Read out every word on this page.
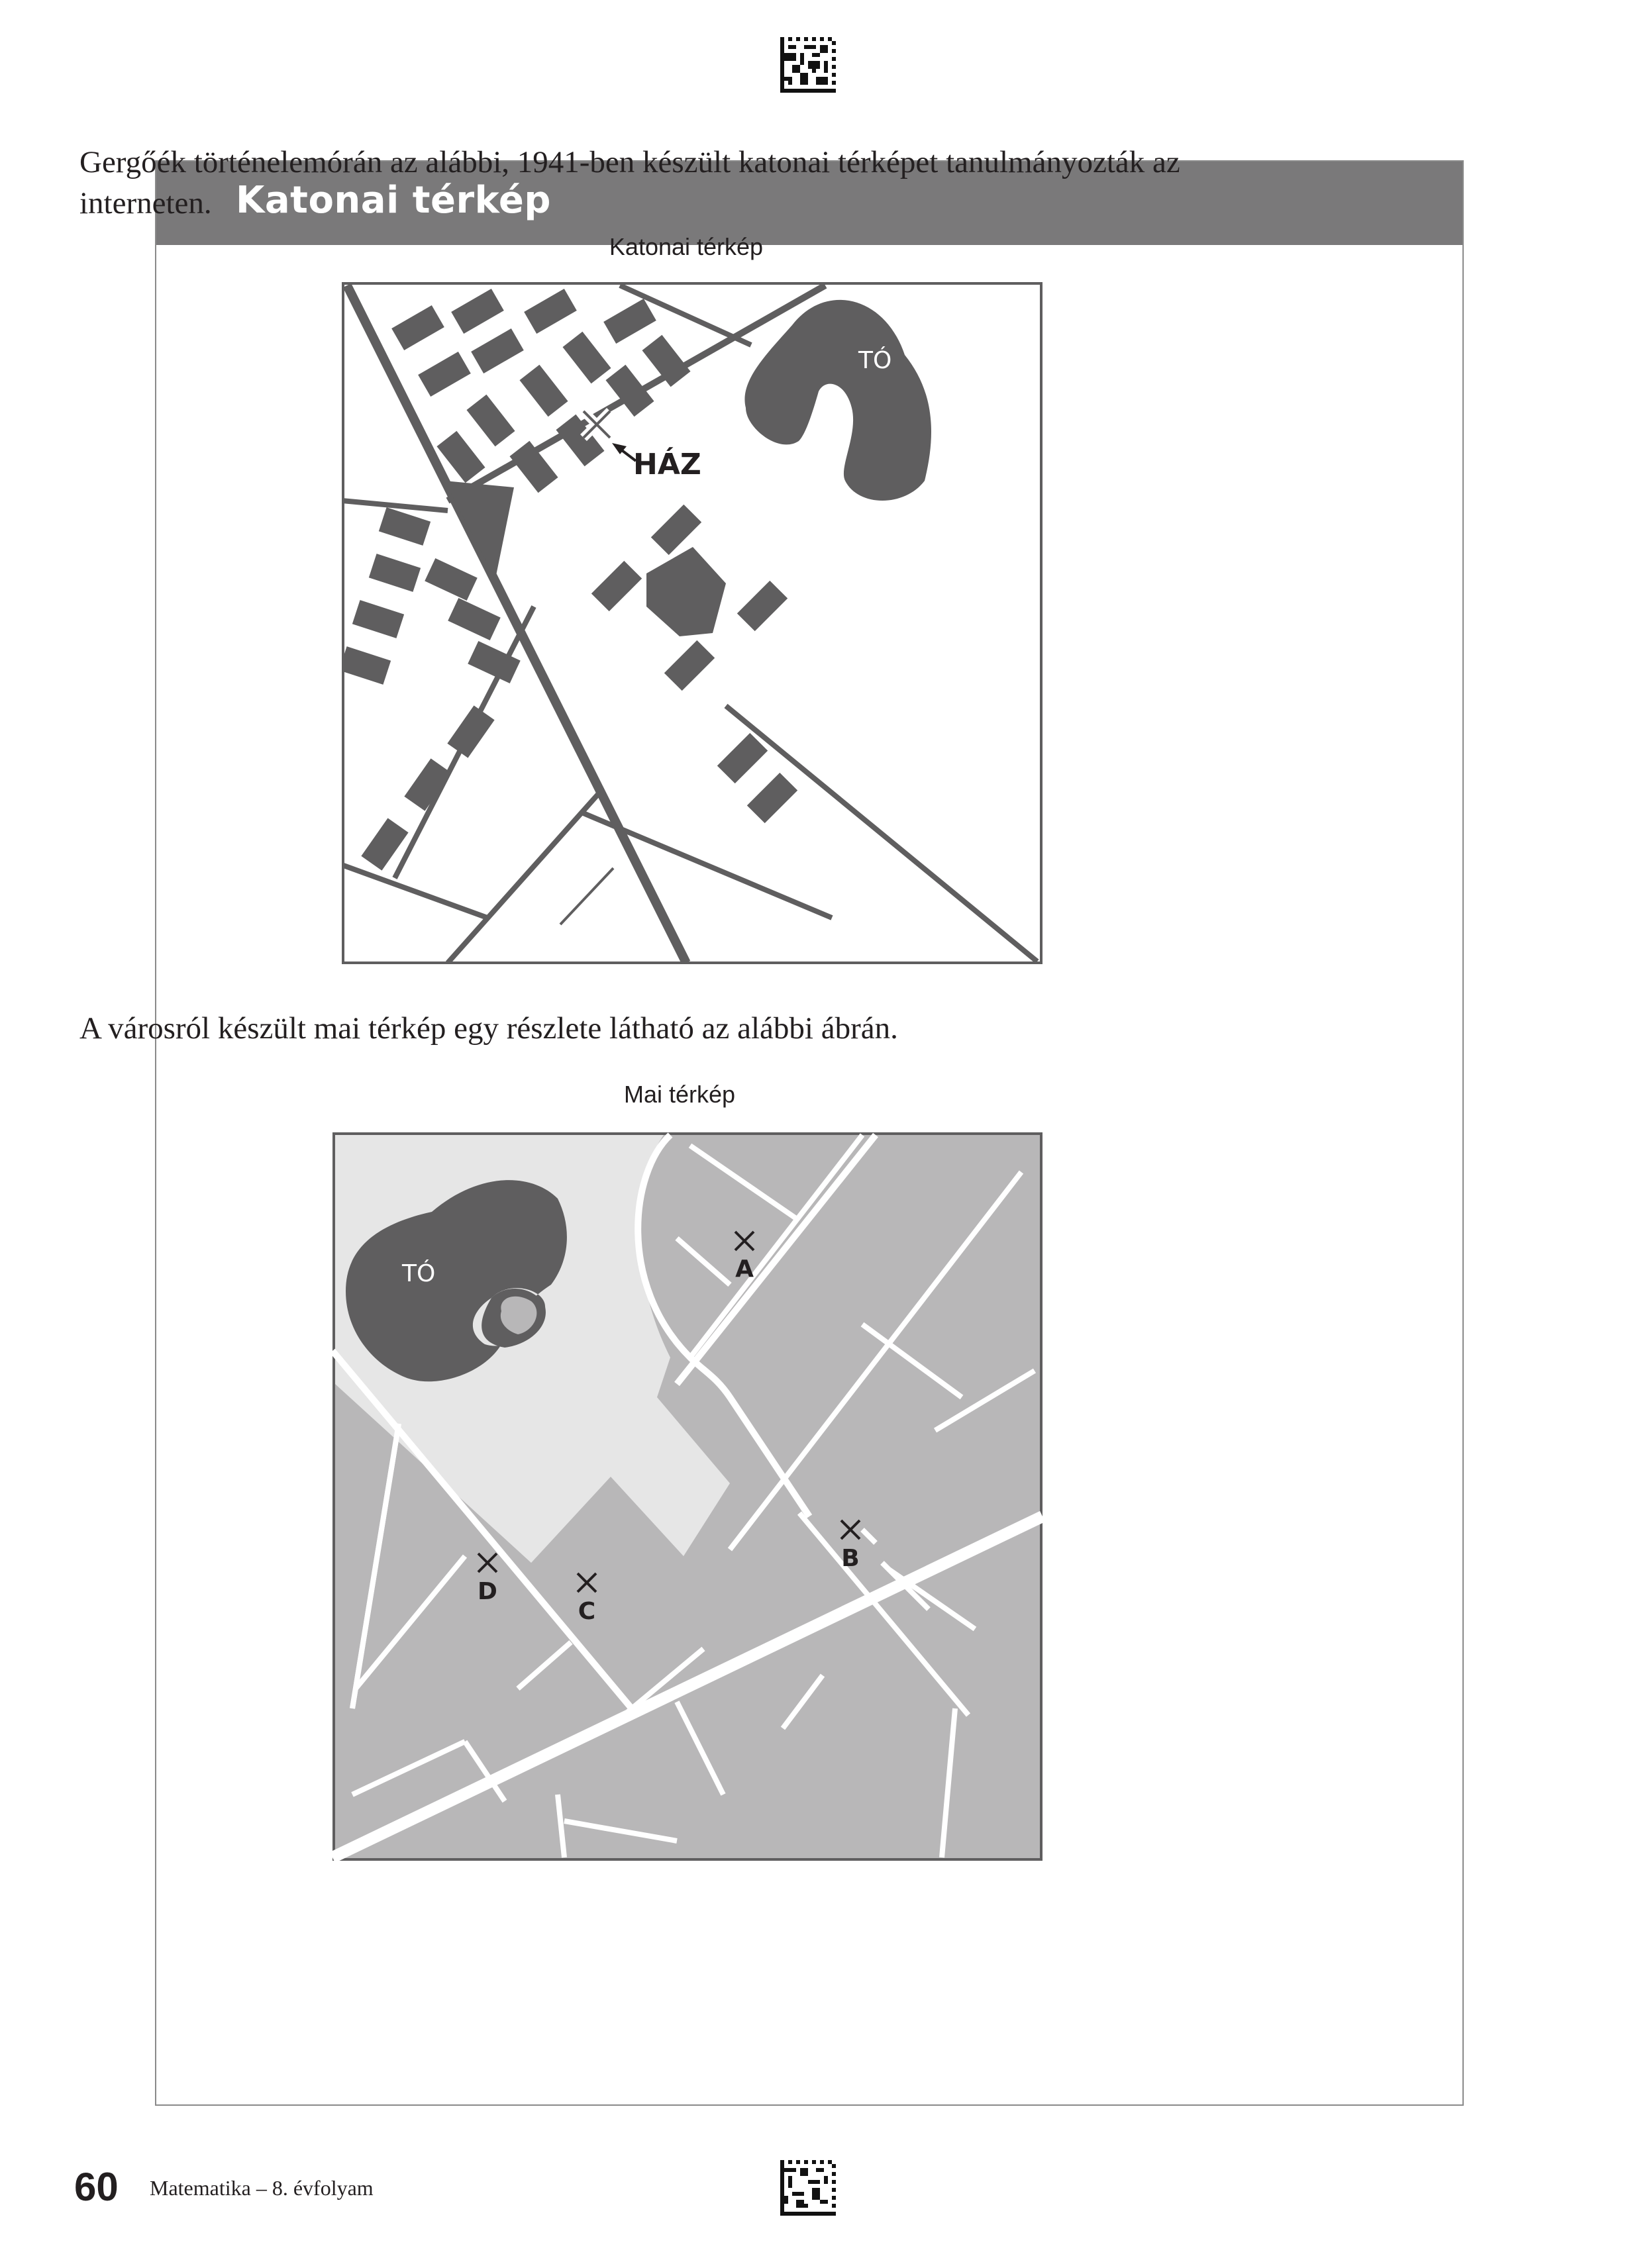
Katonai térkép

Gergőék történelemórán az alábbi, 1941-ben készült katonai térképet tanulmányozták az interneten.

Katonai térkép
TÓ
HÁZ

A városról készült mai térkép egy részlete látható az alábbi ábrán.

Mai térkép
TÓ	A
B
C
D

60 Matematika – 8. évfolyam
